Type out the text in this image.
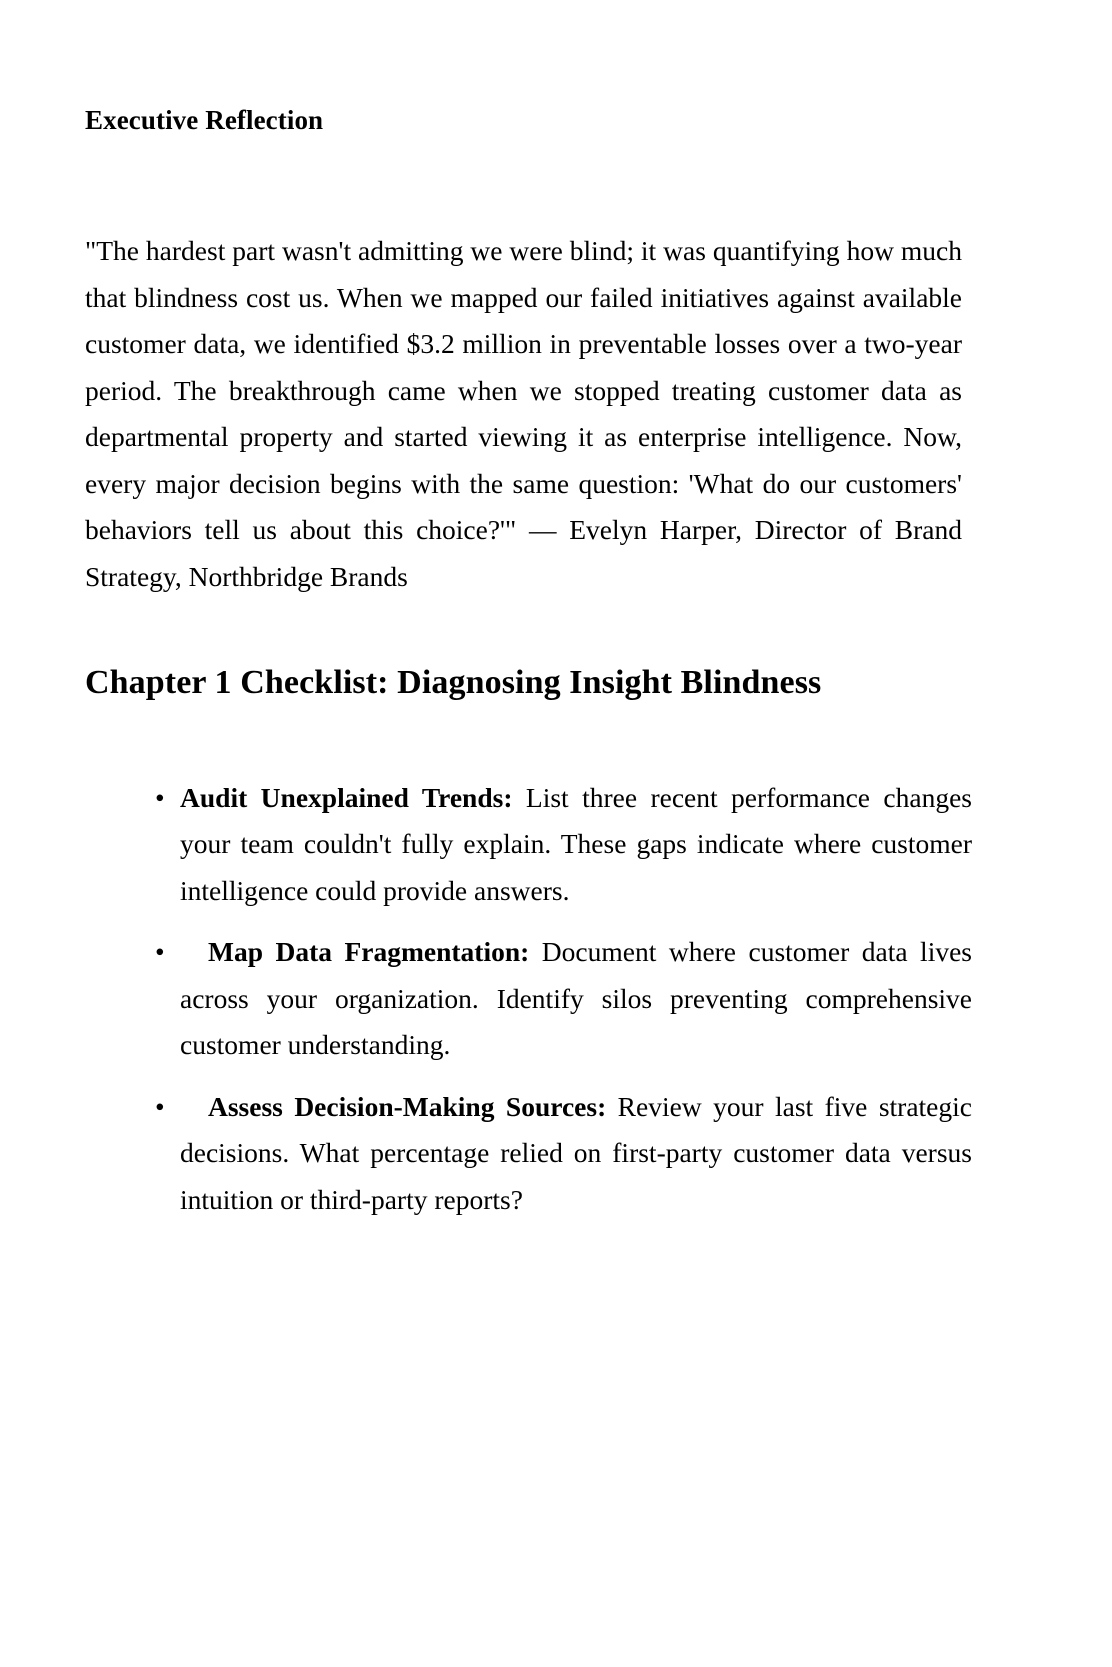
Executive Reflection

"The hardest part wasn't admitting we were blind; it was quantifying how much that blindness cost us. When we mapped our failed initiatives against available customer data, we identified $3.2 million in preventable losses over a two-year period. The breakthrough came when we stopped treating customer data as departmental property and started viewing it as enterprise intelligence. Now, every major decision begins with the same question: 'What do our customers' behaviors tell us about this choice?'" — Evelyn Harper, Director of Brand Strategy, Northbridge Brands

Chapter 1 Checklist: Diagnosing Insight Blindness
• Audit Unexplained Trends: List three recent performance changes your team couldn't fully explain. These gaps indicate where customer intelligence could provide answers.
• Map Data Fragmentation: Document where customer data lives across your organization. Identify silos preventing comprehensive customer understanding.
• Assess Decision-Making Sources: Review your last five strategic decisions. What percentage relied on first-party customer data versus intuition or third-party reports?
